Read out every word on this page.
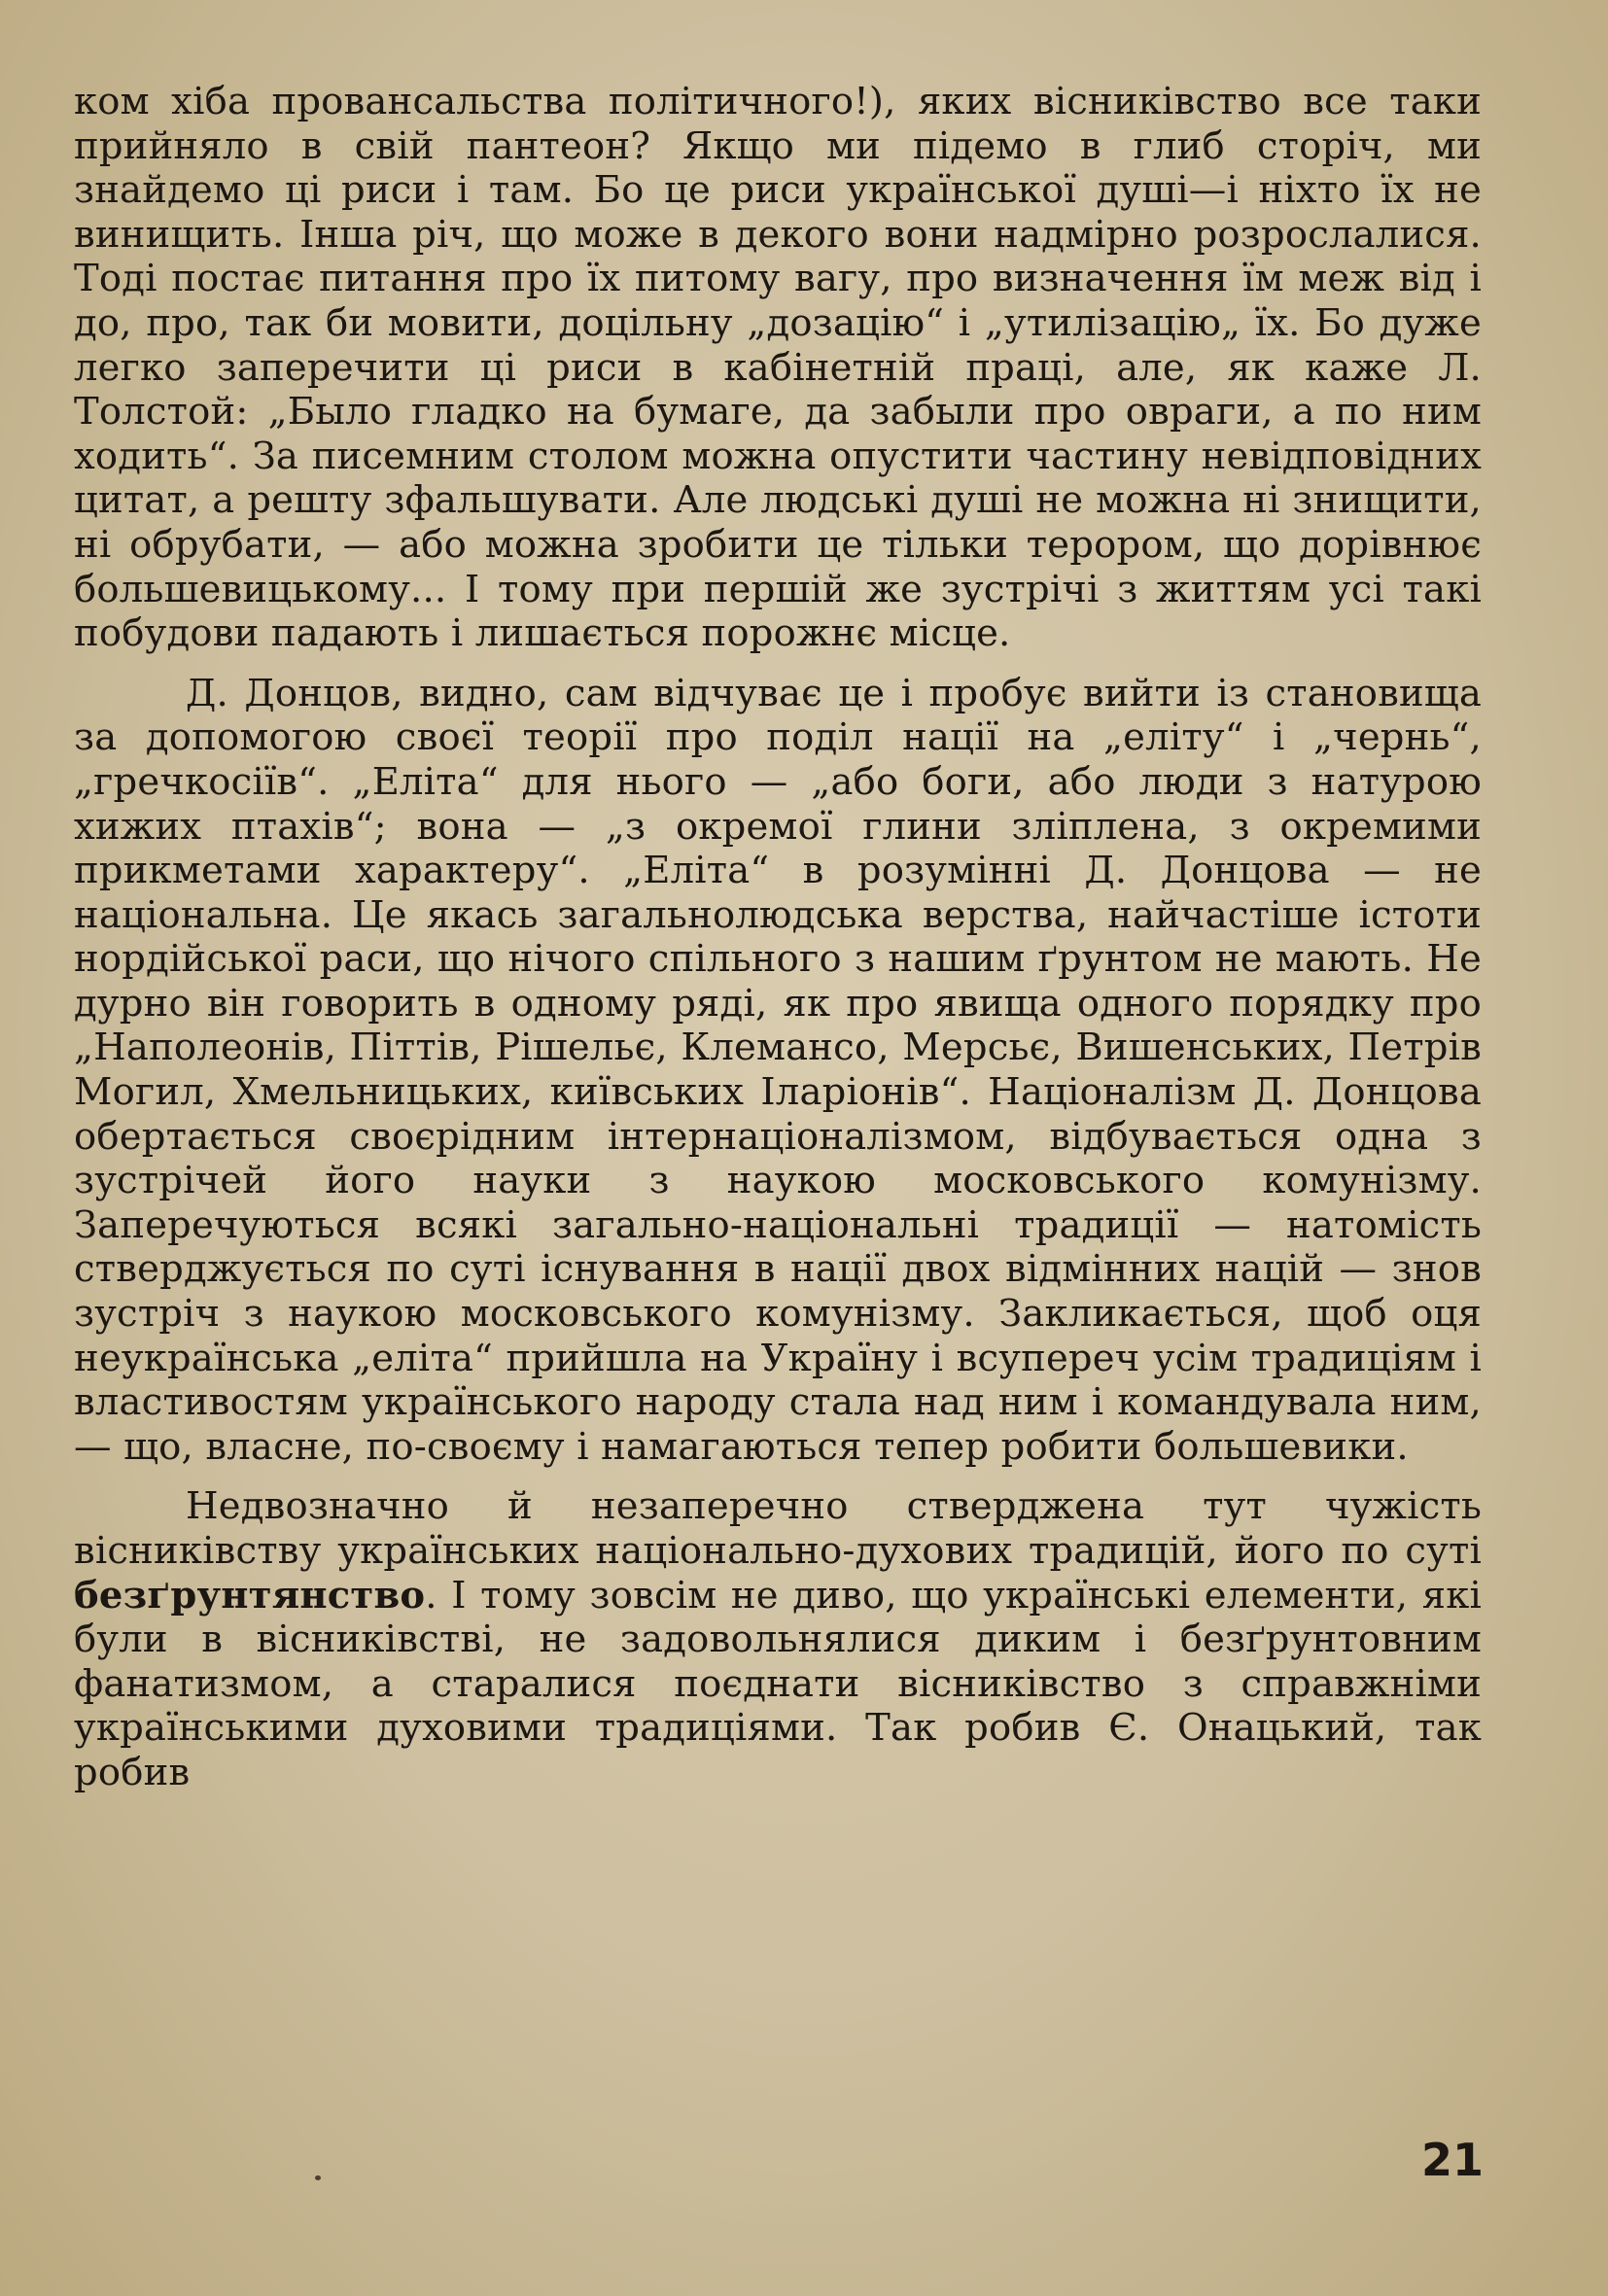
ком хіба провансальства політичного!), яких вісниківство все таки прийняло в свій пантеон? Якщо ми підемо в глиб сторіч, ми знайдемо ці риси і там. Бо це риси української душі—і ніхто їх не винищить. Інша річ, що може в декого вони надмірно розрослалися. Тоді постає питання про їх питому вагу, про визначення їм меж від і до, про, так би мовити, доцільну „дозацію“ і „утилізацію„ їх. Бо дуже легко заперечити ці риси в кабінетній праці, але, як каже Л. Толстой: „Было гладко на бумаге, да забыли про овраги, а по ним ходить“. За писемним столом можна опустити частину невідповідних цитат, а решту зфальшувати. Але людські душі не можна ні знищити, ні обрубати, — або можна зробити це тільки терором, що дорівнює большевицькому... І тому при першій же зустрічі з життям усі такі побудови падають і лишається порожнє місце.

Д. Донцов, видно, сам відчуває це і пробує вийти із становища за допомогою своєї теорії про поділ нації на „еліту“ і „чернь“, „гречкосіїв“. „Еліта“ для нього — „або боги, або люди з натурою хижих птахів“; вона — „з окремої глини зліплена, з окремими прикметами характеру“. „Еліта“ в розумінні Д. Донцова — не національна. Це якась загальнолюдська верства, найчастіше істоти нордійської раси, що нічого спільного з нашим ґрунтом не мають. Не дурно він говорить в одному ряді, як про явища одного порядку про „Наполеонів, Піттів, Рішельє, Клемансо, Мерсьє, Вишенських, Петрів Могил, Хмельницьких, київських Іларіонів“. Націоналізм Д. Донцова обертається своєрідним інтернаціоналізмом, відбувається одна з зустрічей його науки з наукою московського комунізму. Заперечуються всякі загально-національні традиції — натомість стверджується по суті існування в нації двох відмінних націй — знов зустріч з наукою московського комунізму. Закликається, щоб оця неукраїнська „еліта“ прийшла на Україну і всупереч усім традиціям і властивостям українського народу стала над ним і командувала ним, — що, власне, по-своєму і намагаються тепер робити большевики.

Недвозначно й незаперечно стверджена тут чужість вісниківству українських національно-духових традицій, його по суті безґрунтянство. І тому зовсім не диво, що українські елементи, які були в вісниківстві, не задовольнялися диким і безґрунтовним фанатизмом, а старалися поєднати вісниківство з справжніми українськими духовими традиціями. Так робив Є. Онацький, так робив

21
